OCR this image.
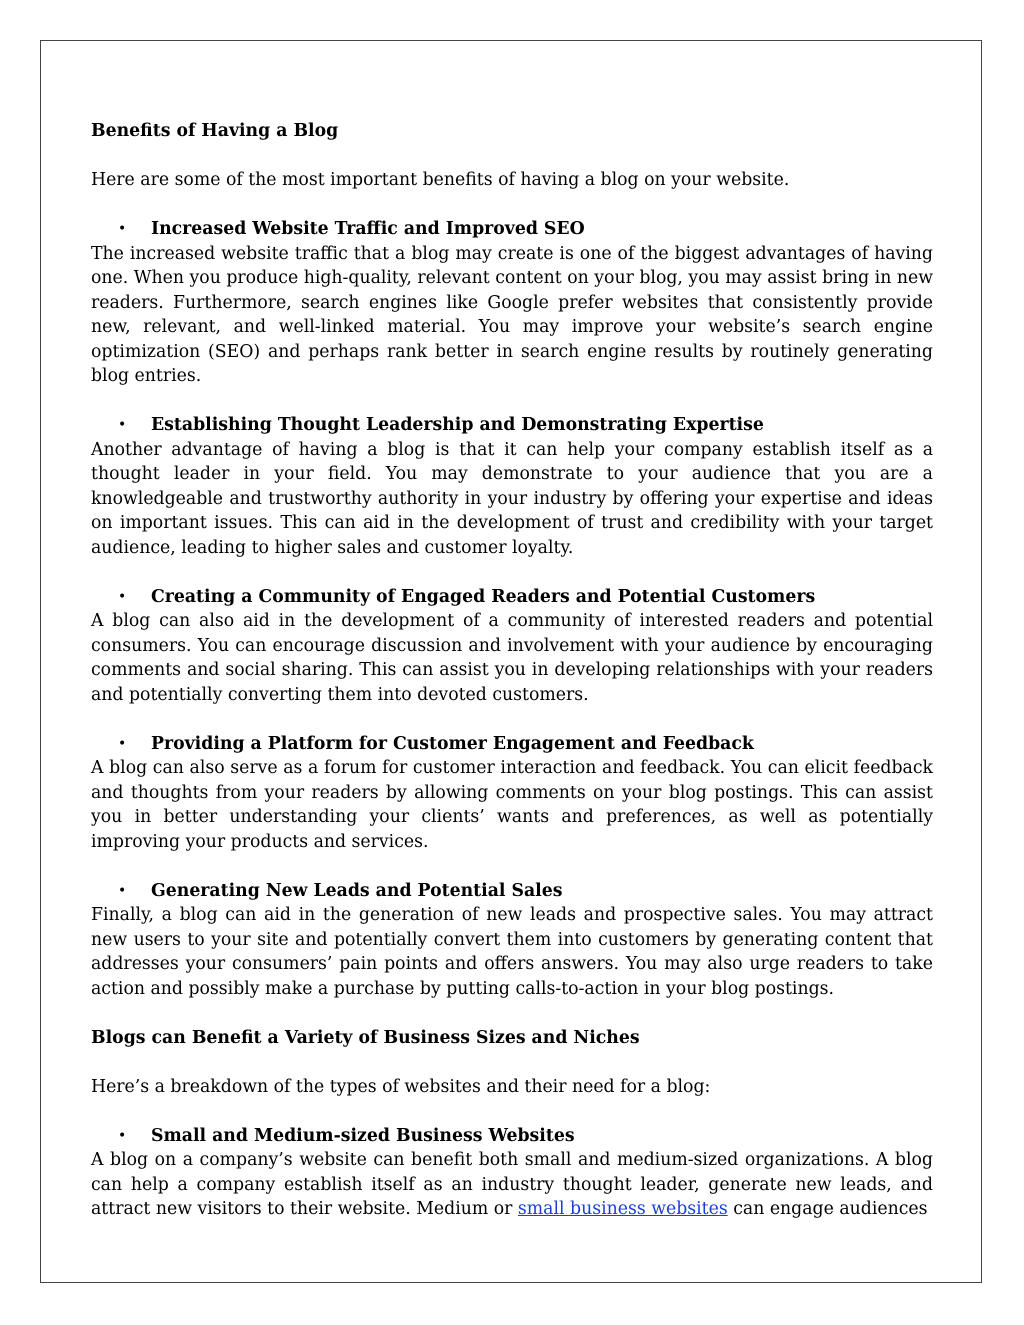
Benefits of Having a Blog

Here are some of the most important benefits of having a blog on your website.

• Increased Website Traffic and Improved SEO

The increased website traffic that a blog may create is one of the biggest advantages of having one. When you produce high-quality, relevant content on your blog, you may assist bring in new readers. Furthermore, search engines like Google prefer websites that consistently provide new, relevant, and well-linked material. You may improve your website’s search engine optimization (SEO) and perhaps rank better in search engine results by routinely generating blog entries.

• Establishing Thought Leadership and Demonstrating Expertise

Another advantage of having a blog is that it can help your company establish itself as a thought leader in your field. You may demonstrate to your audience that you are a knowledgeable and trustworthy authority in your industry by offering your expertise and ideas on important issues. This can aid in the development of trust and credibility with your target audience, leading to higher sales and customer loyalty.

• Creating a Community of Engaged Readers and Potential Customers

A blog can also aid in the development of a community of interested readers and potential consumers. You can encourage discussion and involvement with your audience by encouraging comments and social sharing. This can assist you in developing relationships with your readers and potentially converting them into devoted customers.

• Providing a Platform for Customer Engagement and Feedback

A blog can also serve as a forum for customer interaction and feedback. You can elicit feedback and thoughts from your readers by allowing comments on your blog postings. This can assist you in better understanding your clients’ wants and preferences, as well as potentially improving your products and services.

• Generating New Leads and Potential Sales

Finally, a blog can aid in the generation of new leads and prospective sales. You may attract new users to your site and potentially convert them into customers by generating content that addresses your consumers’ pain points and offers answers. You may also urge readers to take action and possibly make a purchase by putting calls-to-action in your blog postings.

Blogs can Benefit a Variety of Business Sizes and Niches

Here’s a breakdown of the types of websites and their need for a blog:

• Small and Medium-sized Business Websites

A blog on a company’s website can benefit both small and medium-sized organizations. A blog can help a company establish itself as an industry thought leader, generate new leads, and attract new visitors to their website. Medium or small business websites can engage audiences
